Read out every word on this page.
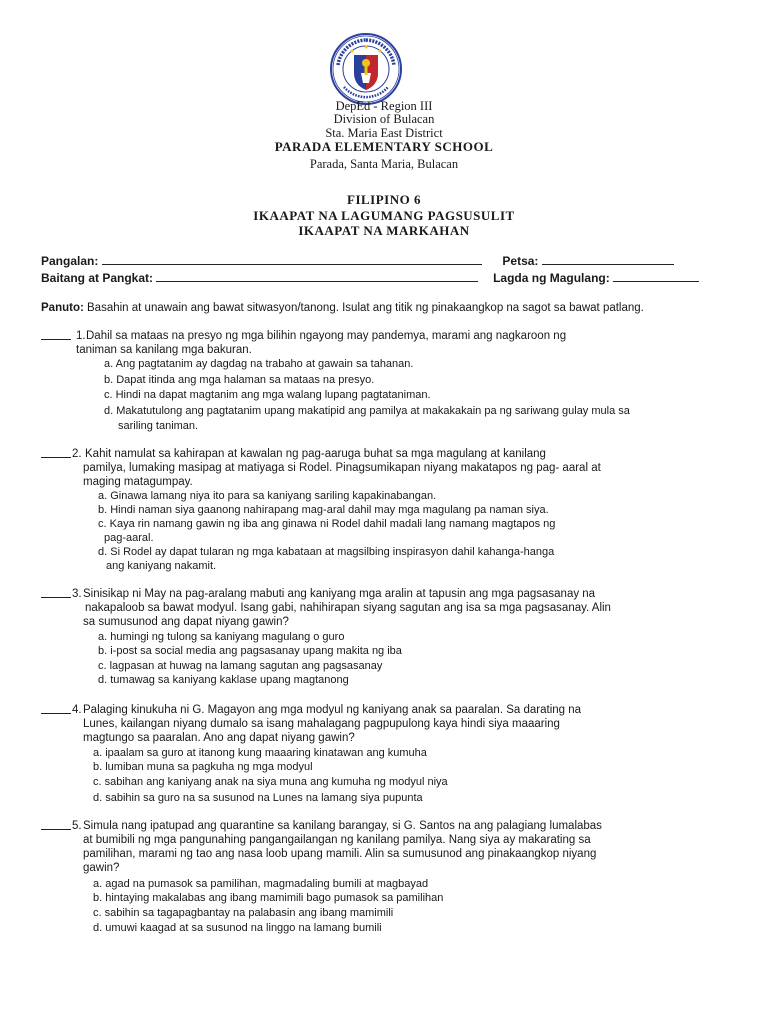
DepEd - Region III
Division of Bulacan
Sta. Maria East District
PARADA ELEMENTARY SCHOOL
Parada, Santa Maria, Bulacan
FILIPINO 6
IKAAPAT NA LAGUMANG PAGSUSULIT
IKAAPAT NA MARKAHAN
Pangalan:	Petsa:
Baitang at Pangkat:	Lagda ng Magulang:
Panuto: Basahin at unawain ang bawat sitwasyon/tanong. Isulat ang titik ng pinakaangkop na sagot sa bawat patlang.
1. Dahil sa mataas na presyo ng mga bilihin ngayong may pandemya, marami ang nagkaroon ng
taniman sa kanilang mga bakuran.
a. Ang pagtatanim ay dagdag na trabaho at gawain sa tahanan.
b. Dapat itinda ang mga halaman sa mataas na presyo.
c. Hindi na dapat magtanim ang mga walang lupang pagtataniman.
d. Makatutulong ang pagtatanim upang makatipid ang pamilya at makakakain pa ng sariwang gulay mula sa
sariling taniman.
2. Kahit namulat sa kahirapan at kawalan ng pag-aaruga buhat sa mga magulang at kanilang
pamilya, lumaking masipag at matiyaga si Rodel. Pinagsumikapan niyang makatapos ng pag- aaral at
maging matagumpay.
a. Ginawa lamang niya ito para sa kaniyang sariling kapakinabangan.
b. Hindi naman siya gaanong nahirapang mag-aral dahil may mga magulang pa naman siya.
c. Kaya rin namang gawin ng iba ang ginawa ni Rodel dahil madali lang namang magtapos ng
pag-aaral.
d. Si Rodel ay dapat tularan ng mga kabataan at magsilbing inspirasyon dahil kahanga-hanga
ang kaniyang nakamit.
3. Sinisikap ni May na pag-aralang mabuti ang kaniyang mga aralin at tapusin ang mga pagsasanay na
nakapaloob sa bawat modyul. Isang gabi, nahihirapan siyang sagutan ang isa sa mga pagsasanay. Alin
sa sumusunod ang dapat niyang gawin?
a. humingi ng tulong sa kaniyang magulang o guro
b. i-post sa social media ang pagsasanay upang makita ng iba
c. lagpasan at huwag na lamang sagutan ang pagsasanay
d. tumawag sa kaniyang kaklase upang magtanong
4. Palaging kinukuha ni G. Magayon ang mga modyul ng kaniyang anak sa paaralan. Sa darating na
Lunes, kailangan niyang dumalo sa isang mahalagang pagpupulong kaya hindi siya maaaring
magtungo sa paaralan. Ano ang dapat niyang gawin?
a. ipaalam sa guro at itanong kung maaaring kinatawan ang kumuha
b. lumiban muna sa pagkuha ng mga modyul
c. sabihan ang kaniyang anak na siya muna ang kumuha ng modyul niya
d. sabihin sa guro na sa susunod na Lunes na lamang siya pupunta
5. Simula nang ipatupad ang quarantine sa kanilang barangay, si G. Santos na ang palagiang lumalabas
at bumibili ng mga pangunahing pangangailangan ng kanilang pamilya. Nang siya ay makarating sa
pamilihan, marami ng tao ang nasa loob upang mamili. Alin sa sumusunod ang pinakaangkop niyang
gawin?
a. agad na pumasok sa pamilihan, magmadaling bumili at magbayad
b. hintaying makalabas ang ibang mamimili bago pumasok sa pamilihan
c. sabihin sa tagapagbantay na palabasin ang ibang mamimili
d. umuwi kaagad at sa susunod na linggo na lamang bumili
